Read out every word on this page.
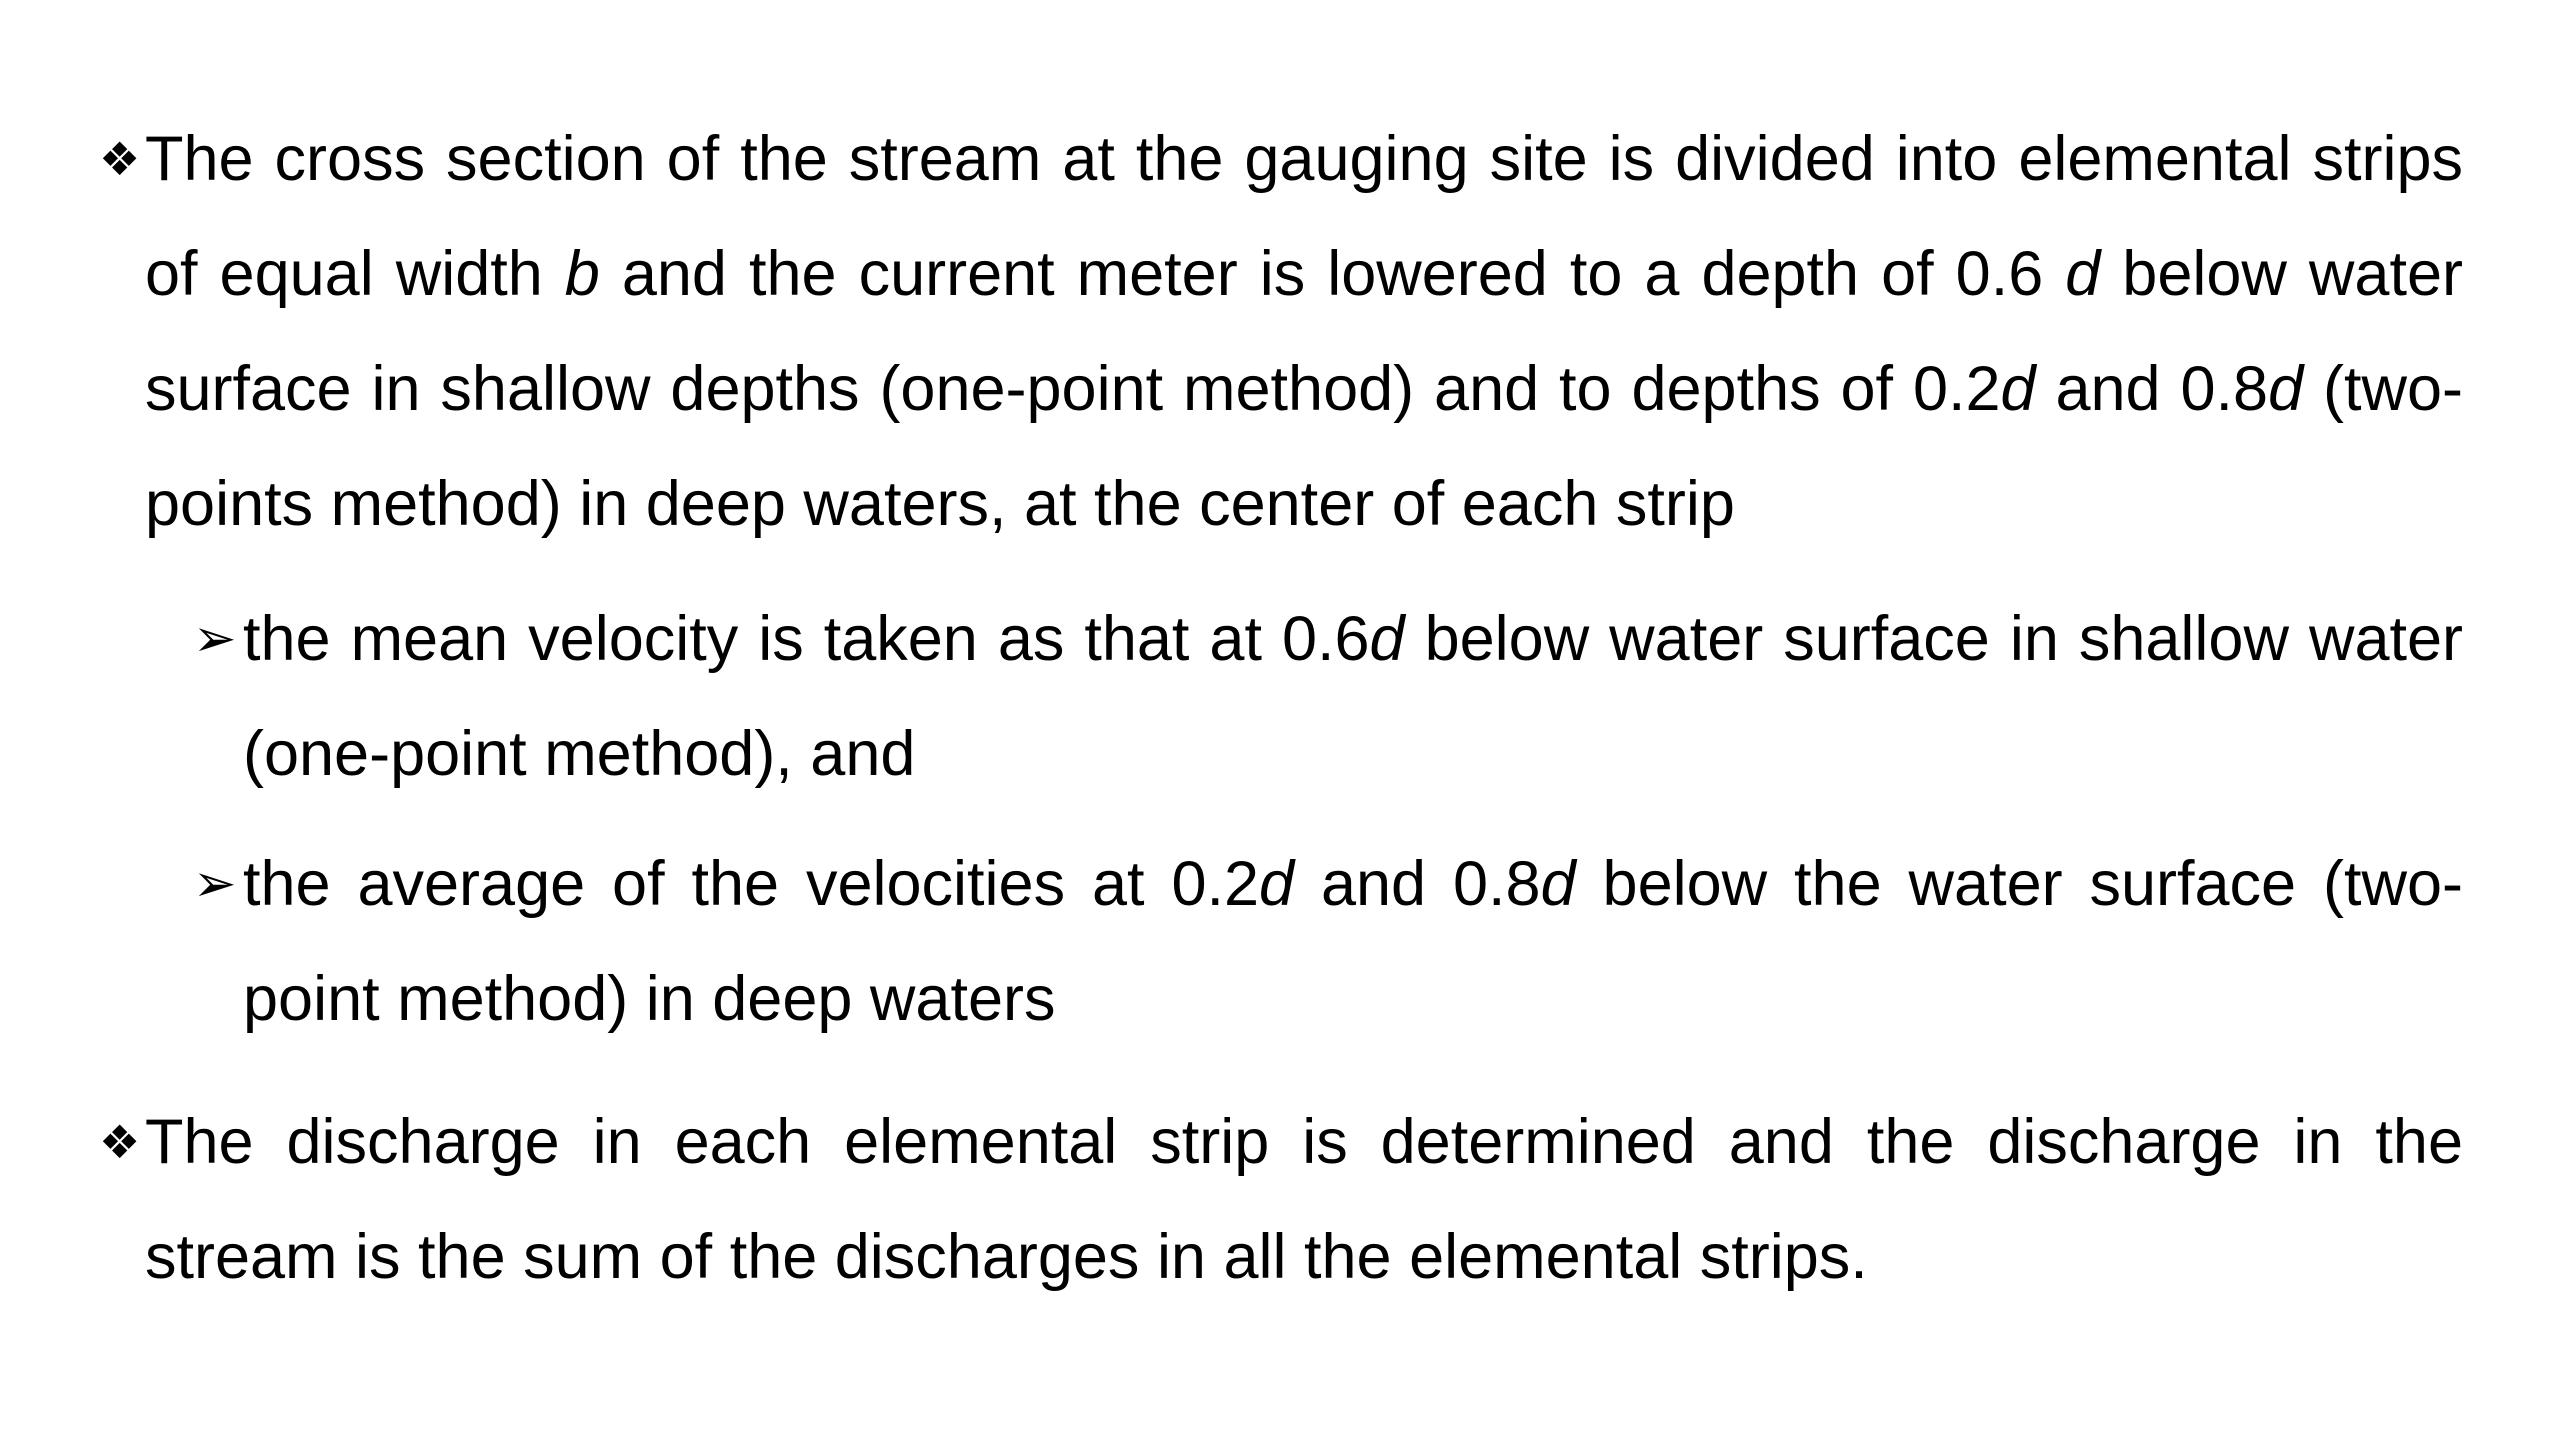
❖ The cross section of the stream at the gauging site is divided into elemental strips of equal width b and the current meter is lowered to a depth of 0.6 d below water surface in shallow depths (one-point method) and to depths of 0.2d and 0.8d (two-points method) in deep waters, at the center of each strip
➢ the mean velocity is taken as that at 0.6d below water surface in shallow water (one-point method), and
➢ the average of the velocities at 0.2d and 0.8d below the water surface (two-point method) in deep waters
❖ The discharge in each elemental strip is determined and the discharge in the stream is the sum of the discharges in all the elemental strips.
